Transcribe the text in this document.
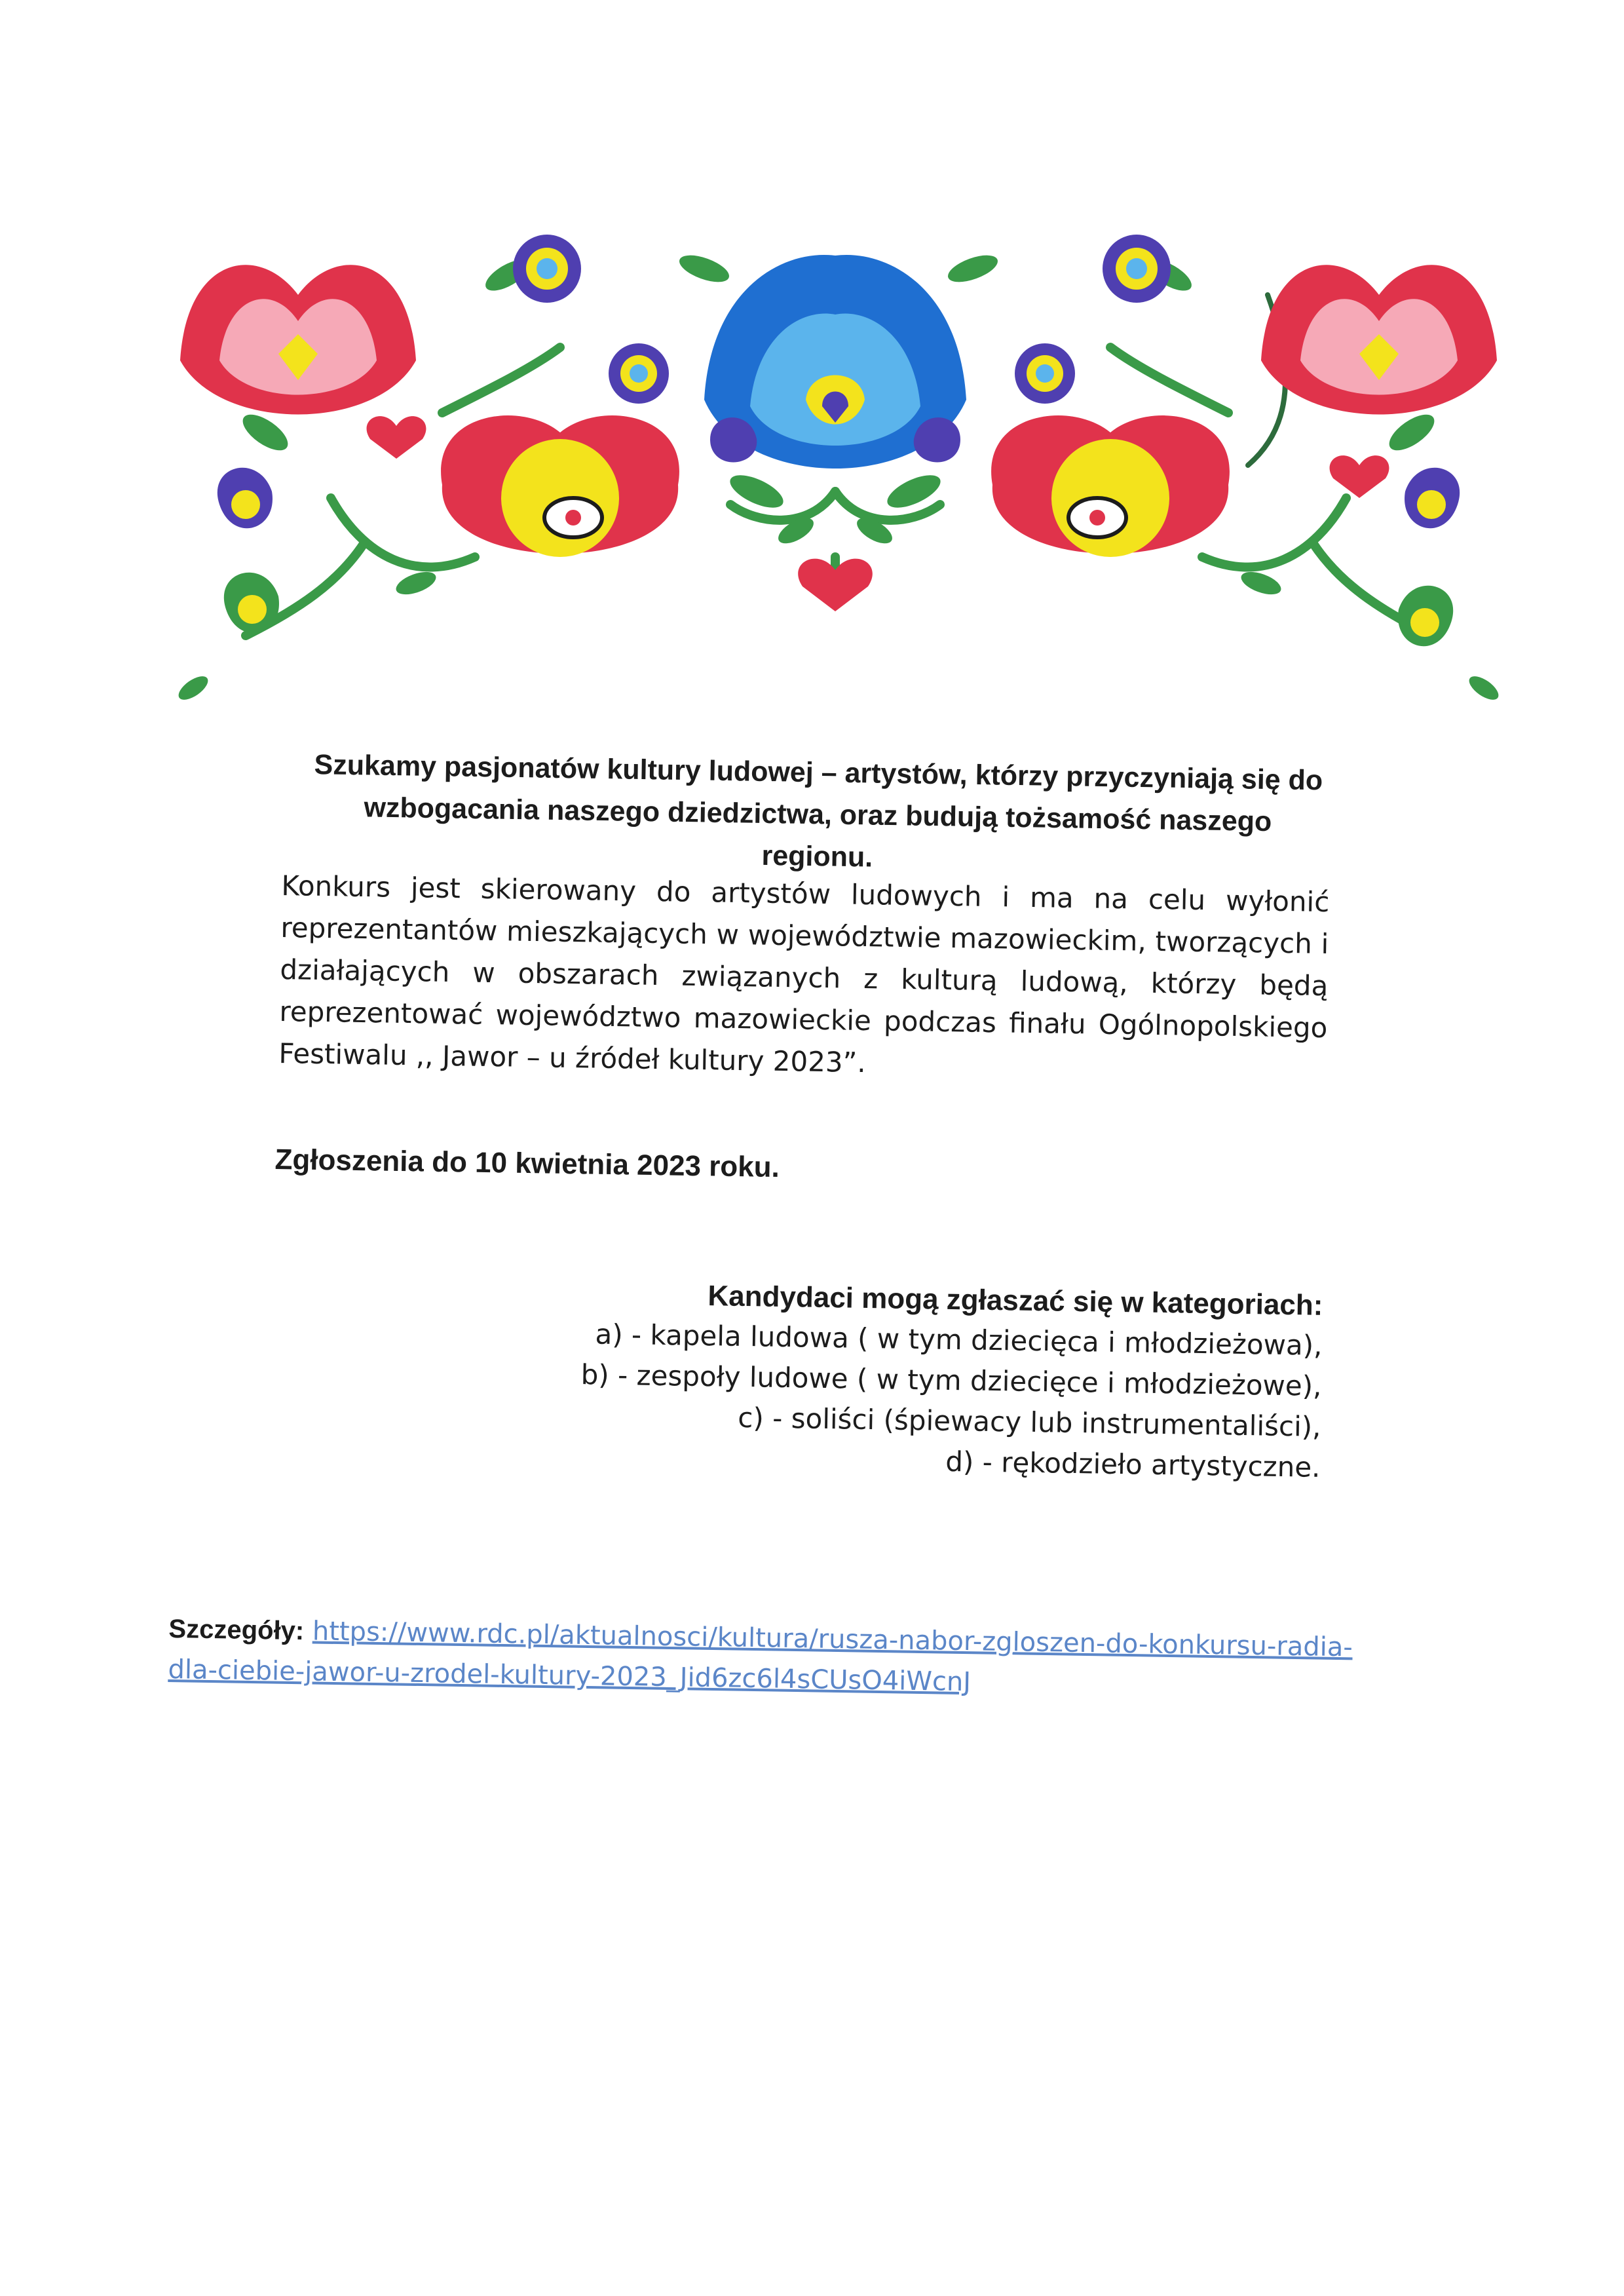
Szukamy pasjonatów kultury ludowej – artystów, którzy przyczyniają się do wzbogacania naszego dziedzictwa, oraz budują tożsamość naszego regionu.
Konkurs jest skierowany do artystów ludowych i ma na celu wyłonić reprezentantów mieszkających w województwie mazowieckim, tworzących i działających w obszarach związanych z kulturą ludową, którzy będą reprezentować województwo mazowieckie podczas finału Ogólnopolskiego Festiwalu ,, Jawor – u źródeł kultury 2023”.
Zgłoszenia do 10 kwietnia 2023 roku.
Kandydaci mogą zgłaszać się w kategoriach:
a) - kapela ludowa ( w tym dziecięca i młodzieżowa),
b) - zespoły ludowe ( w tym dziecięce i młodzieżowe),
c) - soliści (śpiewacy lub instrumentaliści),
d) - rękodzieło artystyczne.
Szczegóły: https://www.rdc.pl/aktualnosci/kultura/rusza-nabor-zgloszen-do-konkursu-radia-dla-ciebie-jawor-u-zrodel-kultury-2023_Jid6zc6l4sCUsO4iWcnJ
